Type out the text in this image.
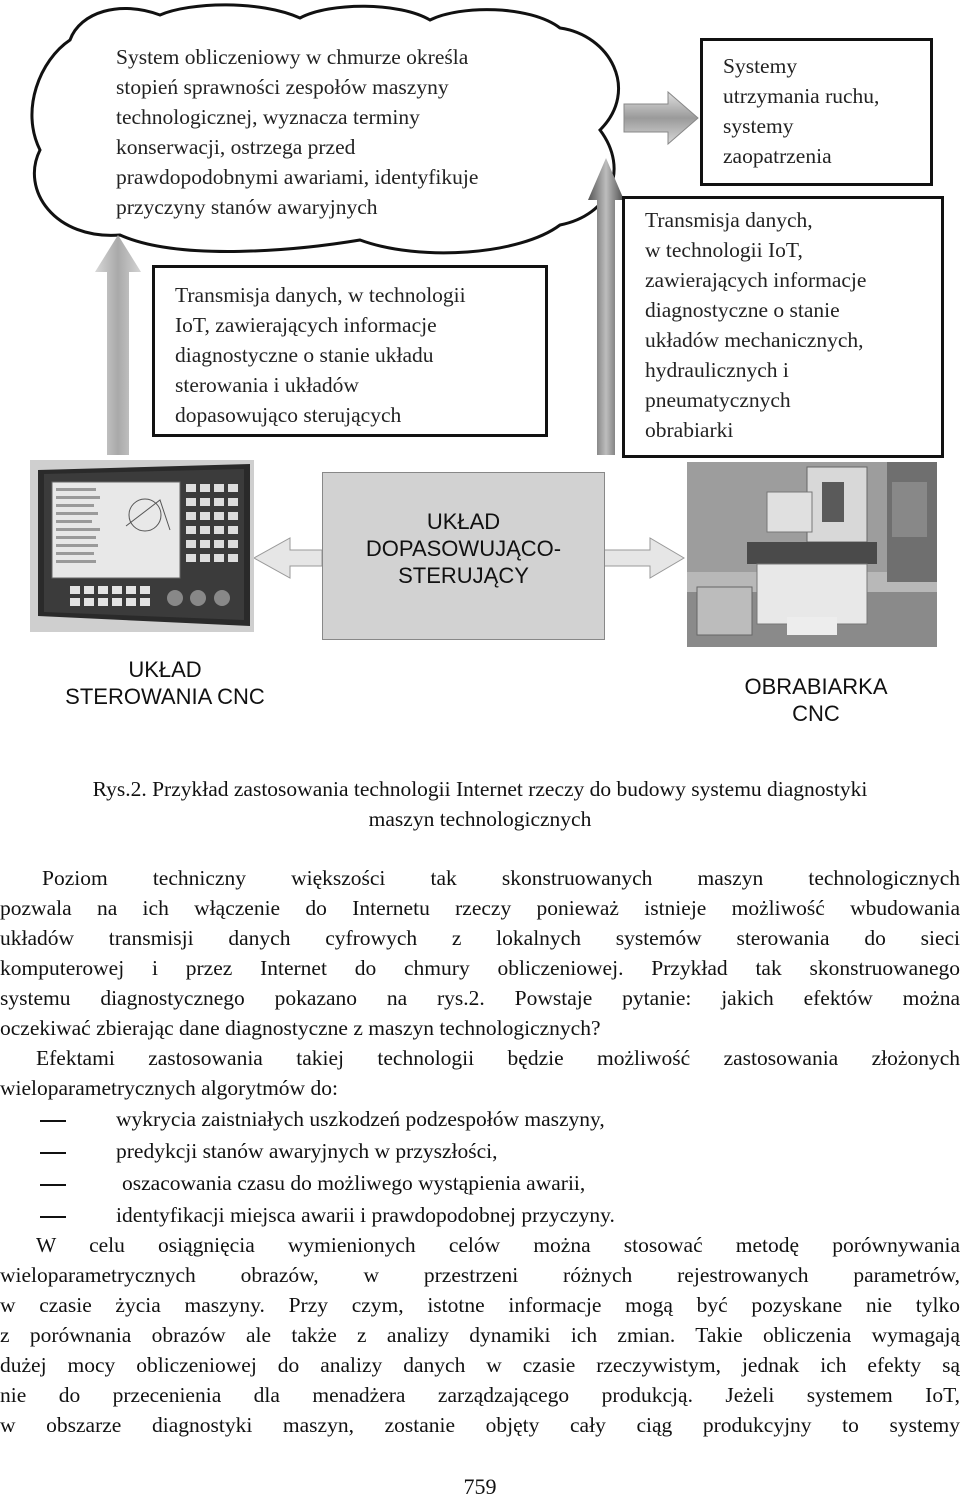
System obliczeniowy w chmurze określa
stopień sprawności zespołów maszyny
technologicznej, wyznacza terminy
konserwacji, ostrzega przed
prawdopodobnymi awariami, identyfikuje
przyczyny stanów awaryjnych
Systemy
utrzymania ruchu,
systemy
zaopatrzenia
Transmisja danych, w technologii
IoT, zawierających informacje
diagnostyczne o stanie układu
sterowania i układów
dopasowująco sterujących
Transmisja danych,
w technologii IoT,
zawierających informacje
diagnostyczne o stanie
układów mechanicznych,
hydraulicznych i
pneumatycznych
obrabiarki
UKŁAD
DOPASOWUJĄCO-
STERUJĄCY
UKŁAD
STEROWANIA CNC	OBRABIARKA
CNC
Rys.2. Przykład zastosowania technologii Internet rzeczy do budowy systemu diagnostyki
maszyn technologicznych
Poziom techniczny większości tak skonstruowanych maszyn technologicznych
pozwala na ich włączenie do Internetu rzeczy ponieważ istnieje możliwość wbudowania
układów transmisji danych cyfrowych z lokalnych systemów sterowania do sieci
komputerowej i przez Internet do chmury obliczeniowej. Przykład tak skonstruowanego
systemu diagnostycznego pokazano na rys.2. Powstaje pytanie: jakich efektów można
oczekiwać zbierając dane diagnostyczne z maszyn technologicznych?
Efektami zastosowania takiej technologii będzie możliwość zastosowania złożonych
wieloparametrycznych algorytmów do:
wykrycia zaistniałych uszkodzeń podzespołów maszyny,
predykcji stanów awaryjnych w przyszłości,
oszacowania czasu do możliwego wystąpienia awarii,
identyfikacji miejsca awarii i prawdopodobnej przyczyny.
W celu osiągnięcia wymienionych celów można stosować metodę porównywania
wieloparametrycznych obrazów, w przestrzeni różnych rejestrowanych parametrów,
w czasie życia maszyny. Przy czym, istotne informacje mogą być pozyskane nie tylko
z porównania obrazów ale także z analizy dynamiki ich zmian. Takie obliczenia wymagają
dużej mocy obliczeniowej do analizy danych w czasie rzeczywistym, jednak ich efekty są
nie do przecenienia dla menadżera zarządzającego produkcją. Jeżeli systemem IoT,
w obszarze diagnostyki maszyn, zostanie objęty cały ciąg produkcyjny to systemy
759
